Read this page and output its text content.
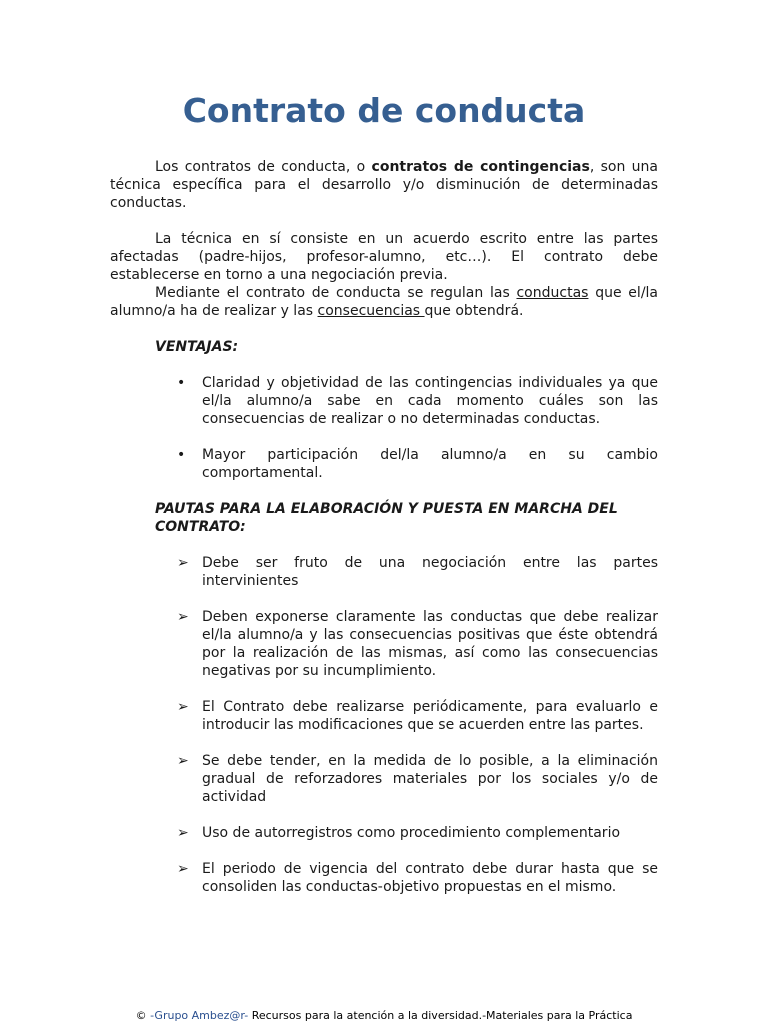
Contrato de conducta

Los contratos de conducta, o contratos de contingencias, son una técnica específica para el desarrollo y/o disminución de determinadas conductas.

La técnica en sí consiste en un acuerdo escrito entre las partes afectadas (padre-hijos, profesor-alumno, etc…). El contrato debe establecerse en torno a una negociación previa.

Mediante el contrato de conducta se regulan las conductas que el/la alumno/a ha de realizar y las consecuencias que obtendrá.

VENTAJAS:

• Claridad y objetividad de las contingencias individuales ya que el/la alumno/a sabe en cada momento cuáles son las consecuencias de realizar o no determinadas conductas.
• Mayor participación del/la alumno/a en su cambio comportamental.

PAUTAS PARA LA ELABORACIÓN Y PUESTA EN MARCHA DEL CONTRATO:

➢ Debe ser fruto de una negociación entre las partes intervinientes
➢ Deben exponerse claramente las conductas que debe realizar el/la alumno/a y las consecuencias positivas que éste obtendrá por la realización de las mismas, así como las consecuencias negativas por su incumplimiento.
➢ El Contrato debe realizarse periódicamente, para evaluarlo e introducir las modificaciones que se acuerden entre las partes.
➢ Se debe tender, en la medida de lo posible, a la eliminación gradual de reforzadores materiales por los sociales y/o de actividad
➢ Uso de autorregistros como procedimiento complementario
➢ El periodo de vigencia del contrato debe durar hasta que se consoliden las conductas-objetivo propuestas en el mismo.
© -Grupo Ambez@r- Recursos para la atención a la diversidad.-Materiales para la Práctica
